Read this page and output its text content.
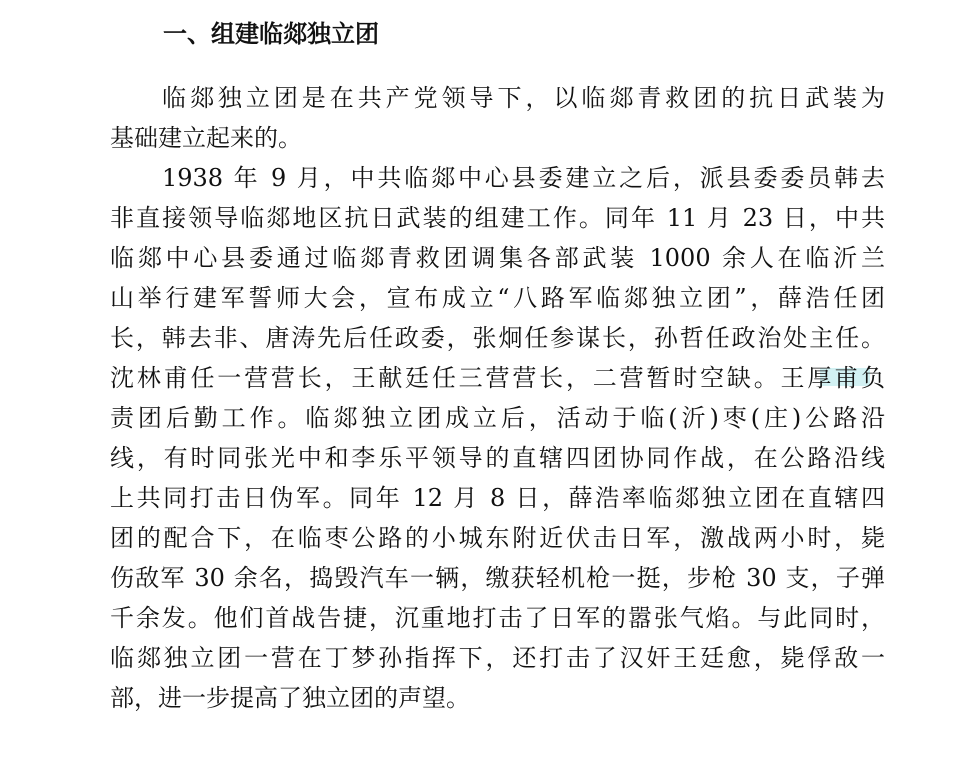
一、组建临郯独立团
临郯独立团是在共产党领导下，以临郯青救团的抗日武装为
基础建立起来的。
1938 年 9 月，中共临郯中心县委建立之后，派县委委员韩去
非直接领导临郯地区抗日武装的组建工作。同年 11 月 23 日，中共
临郯中心县委通过临郯青救团调集各部武装 1000 余人在临沂兰
山举行建军誓师大会，宣布成立“八路军临郯独立团”，薛浩任团
长，韩去非、唐涛先后任政委，张炯任参谋长，孙哲任政治处主任。
沈林甫任一营营长，王献廷任三营营长，二营暂时空缺。王厚甫负
责团后勤工作。临郯独立团成立后，活动于临(沂)枣(庄)公路沿
线，有时同张光中和李乐平领导的直辖四团协同作战，在公路沿线
上共同打击日伪军。同年 12 月 8 日，薛浩率临郯独立团在直辖四
团的配合下，在临枣公路的小城东附近伏击日军，激战两小时，毙
伤敌军 30 余名，捣毁汽车一辆，缴获轻机枪一挺，步枪 30 支，子弹
千余发。他们首战告捷，沉重地打击了日军的嚣张气焰。与此同时，
临郯独立团一营在丁梦孙指挥下，还打击了汉奸王廷愈，毙俘敌一
部，进一步提高了独立团的声望。
